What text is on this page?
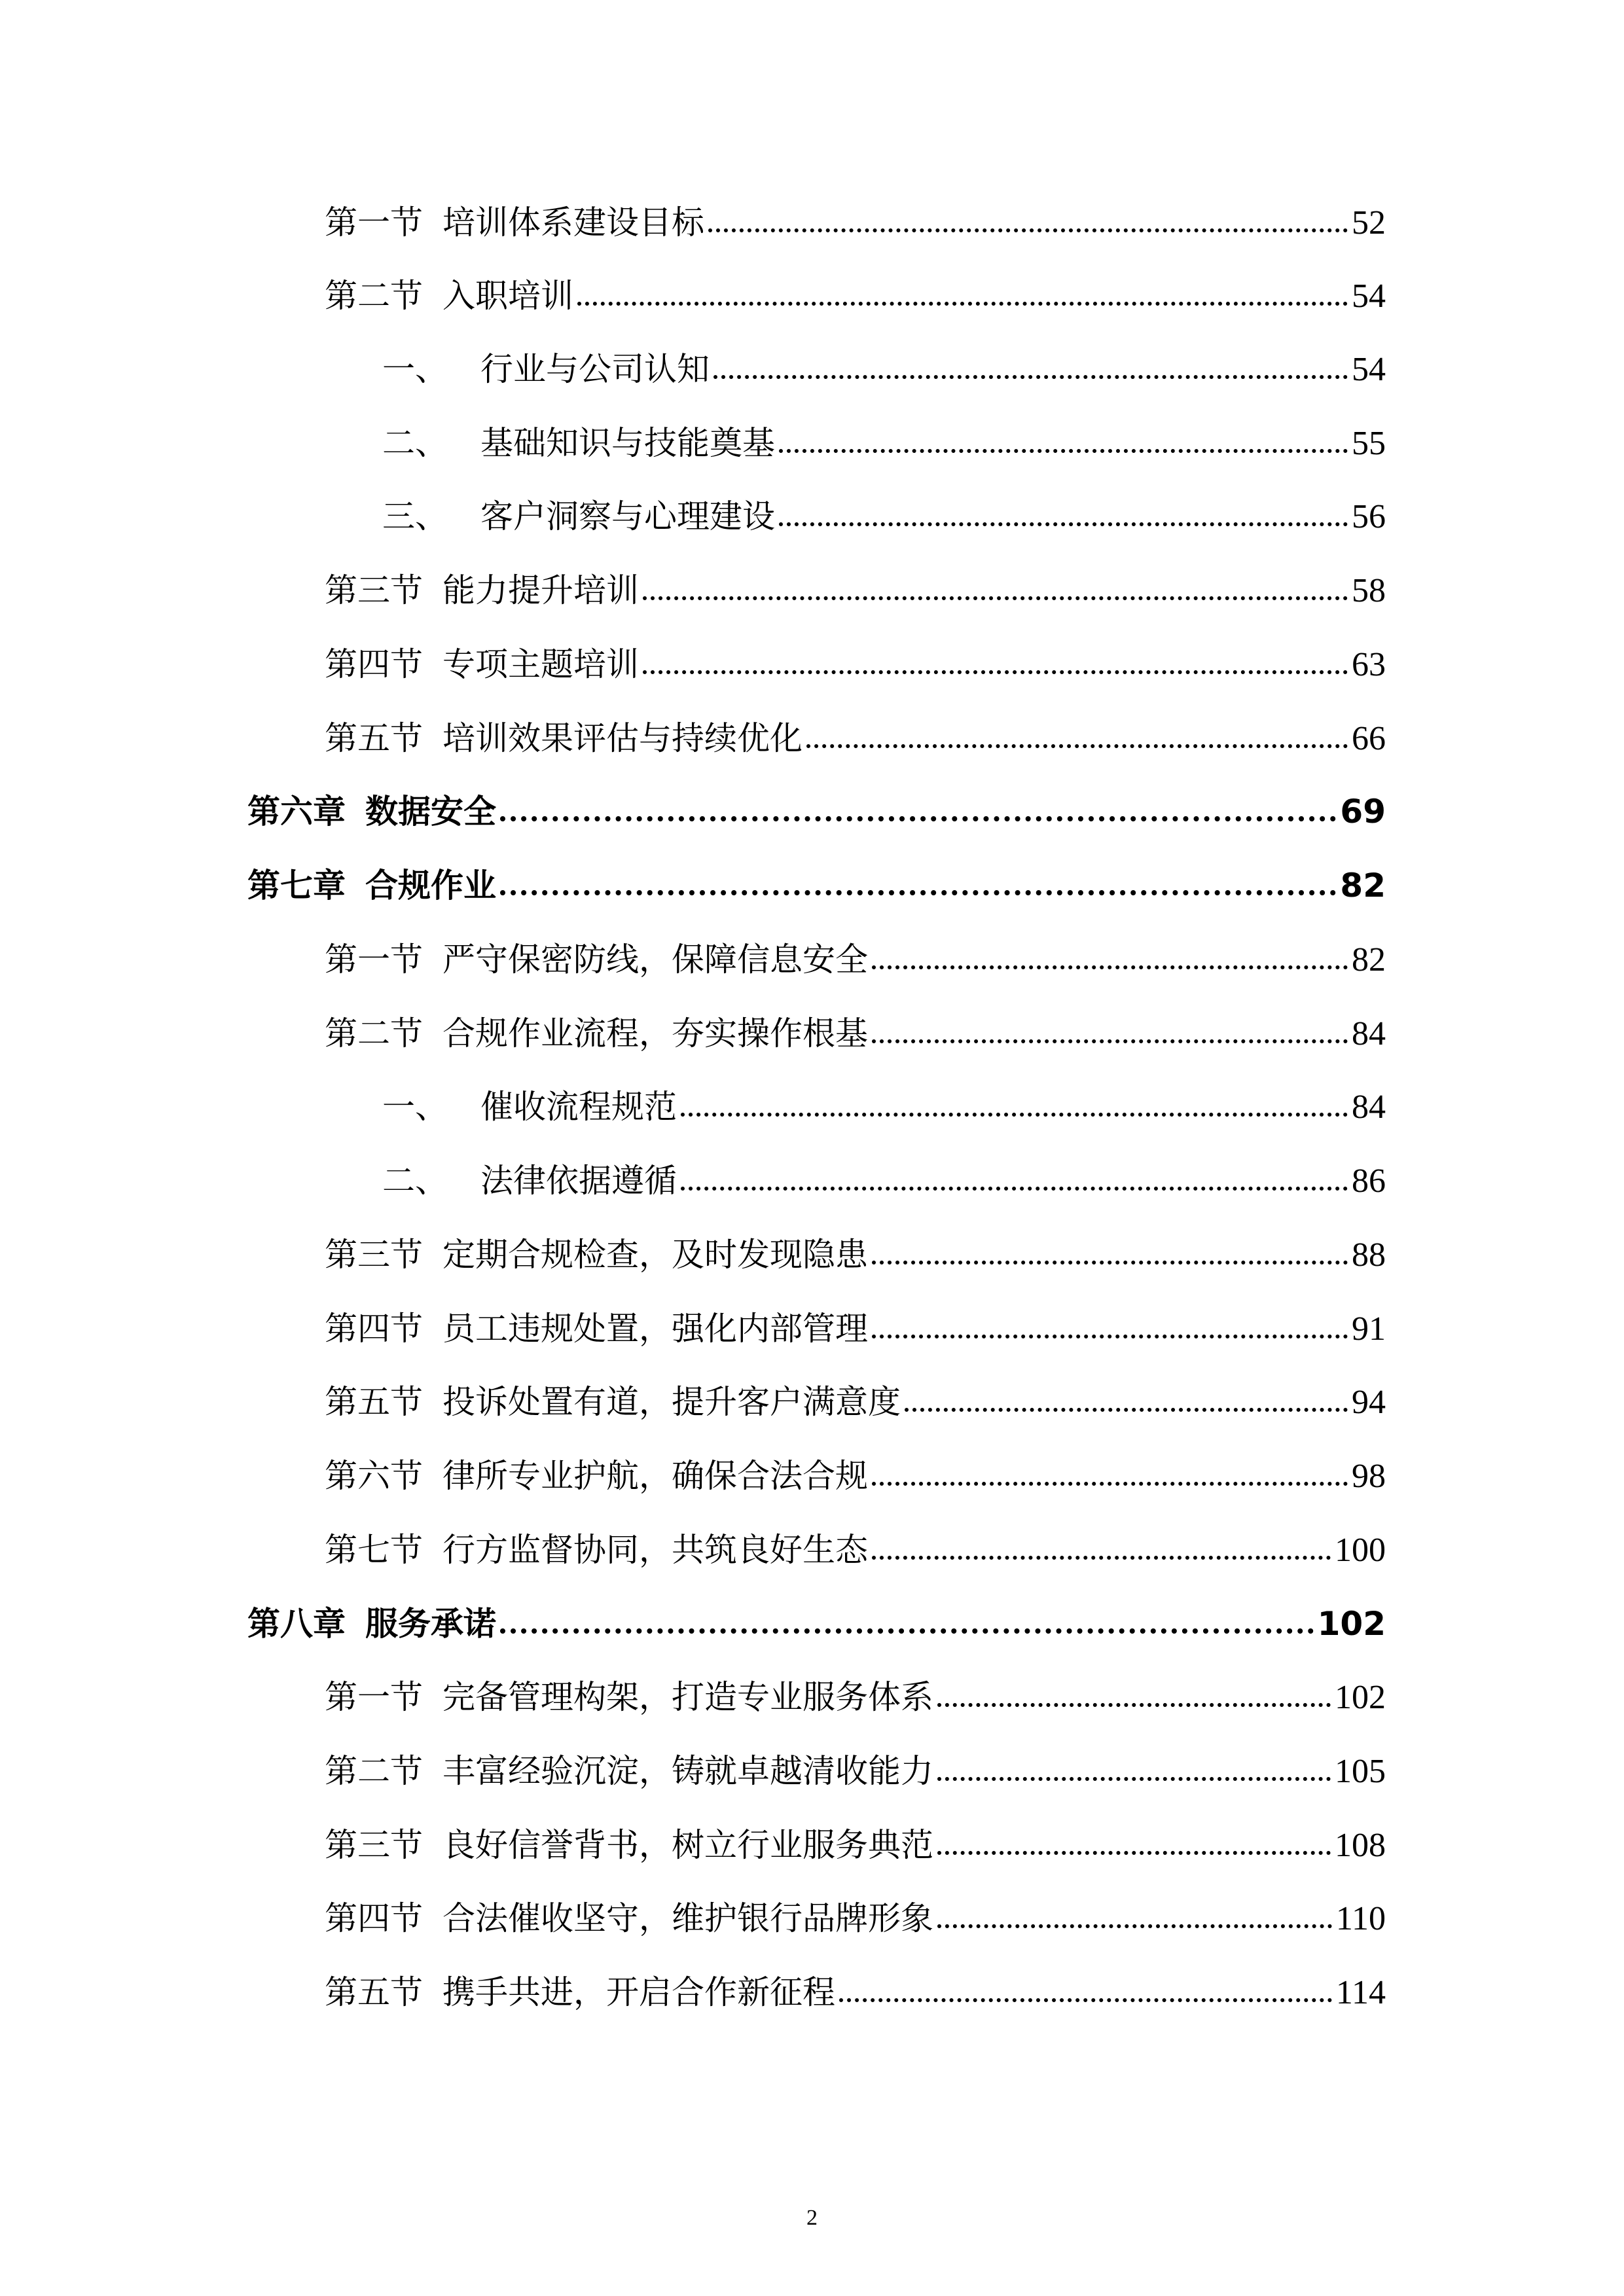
第一节 培训体系建设目标	52
第二节 入职培训	54
一、 行业与公司认知	54
二、 基础知识与技能奠基	55
三、 客户洞察与心理建设	56
第三节 能力提升培训	58
第四节 专项主题培训	63
第五节 培训效果评估与持续优化	66
第六章 数据安全	69
第七章 合规作业	82
第一节 严守保密防线，保障信息安全	82
第二节 合规作业流程，夯实操作根基	84
一、 催收流程规范	84
二、 法律依据遵循	86
第三节 定期合规检查，及时发现隐患	88
第四节 员工违规处置，强化内部管理	91
第五节 投诉处置有道，提升客户满意度	94
第六节 律所专业护航，确保合法合规	98
第七节 行方监督协同，共筑良好生态	100
第八章 服务承诺	102
第一节 完备管理构架，打造专业服务体系	102
第二节 丰富经验沉淀，铸就卓越清收能力	105
第三节 良好信誉背书，树立行业服务典范	108
第四节 合法催收坚守，维护银行品牌形象	110
第五节 携手共进，开启合作新征程	114
2
